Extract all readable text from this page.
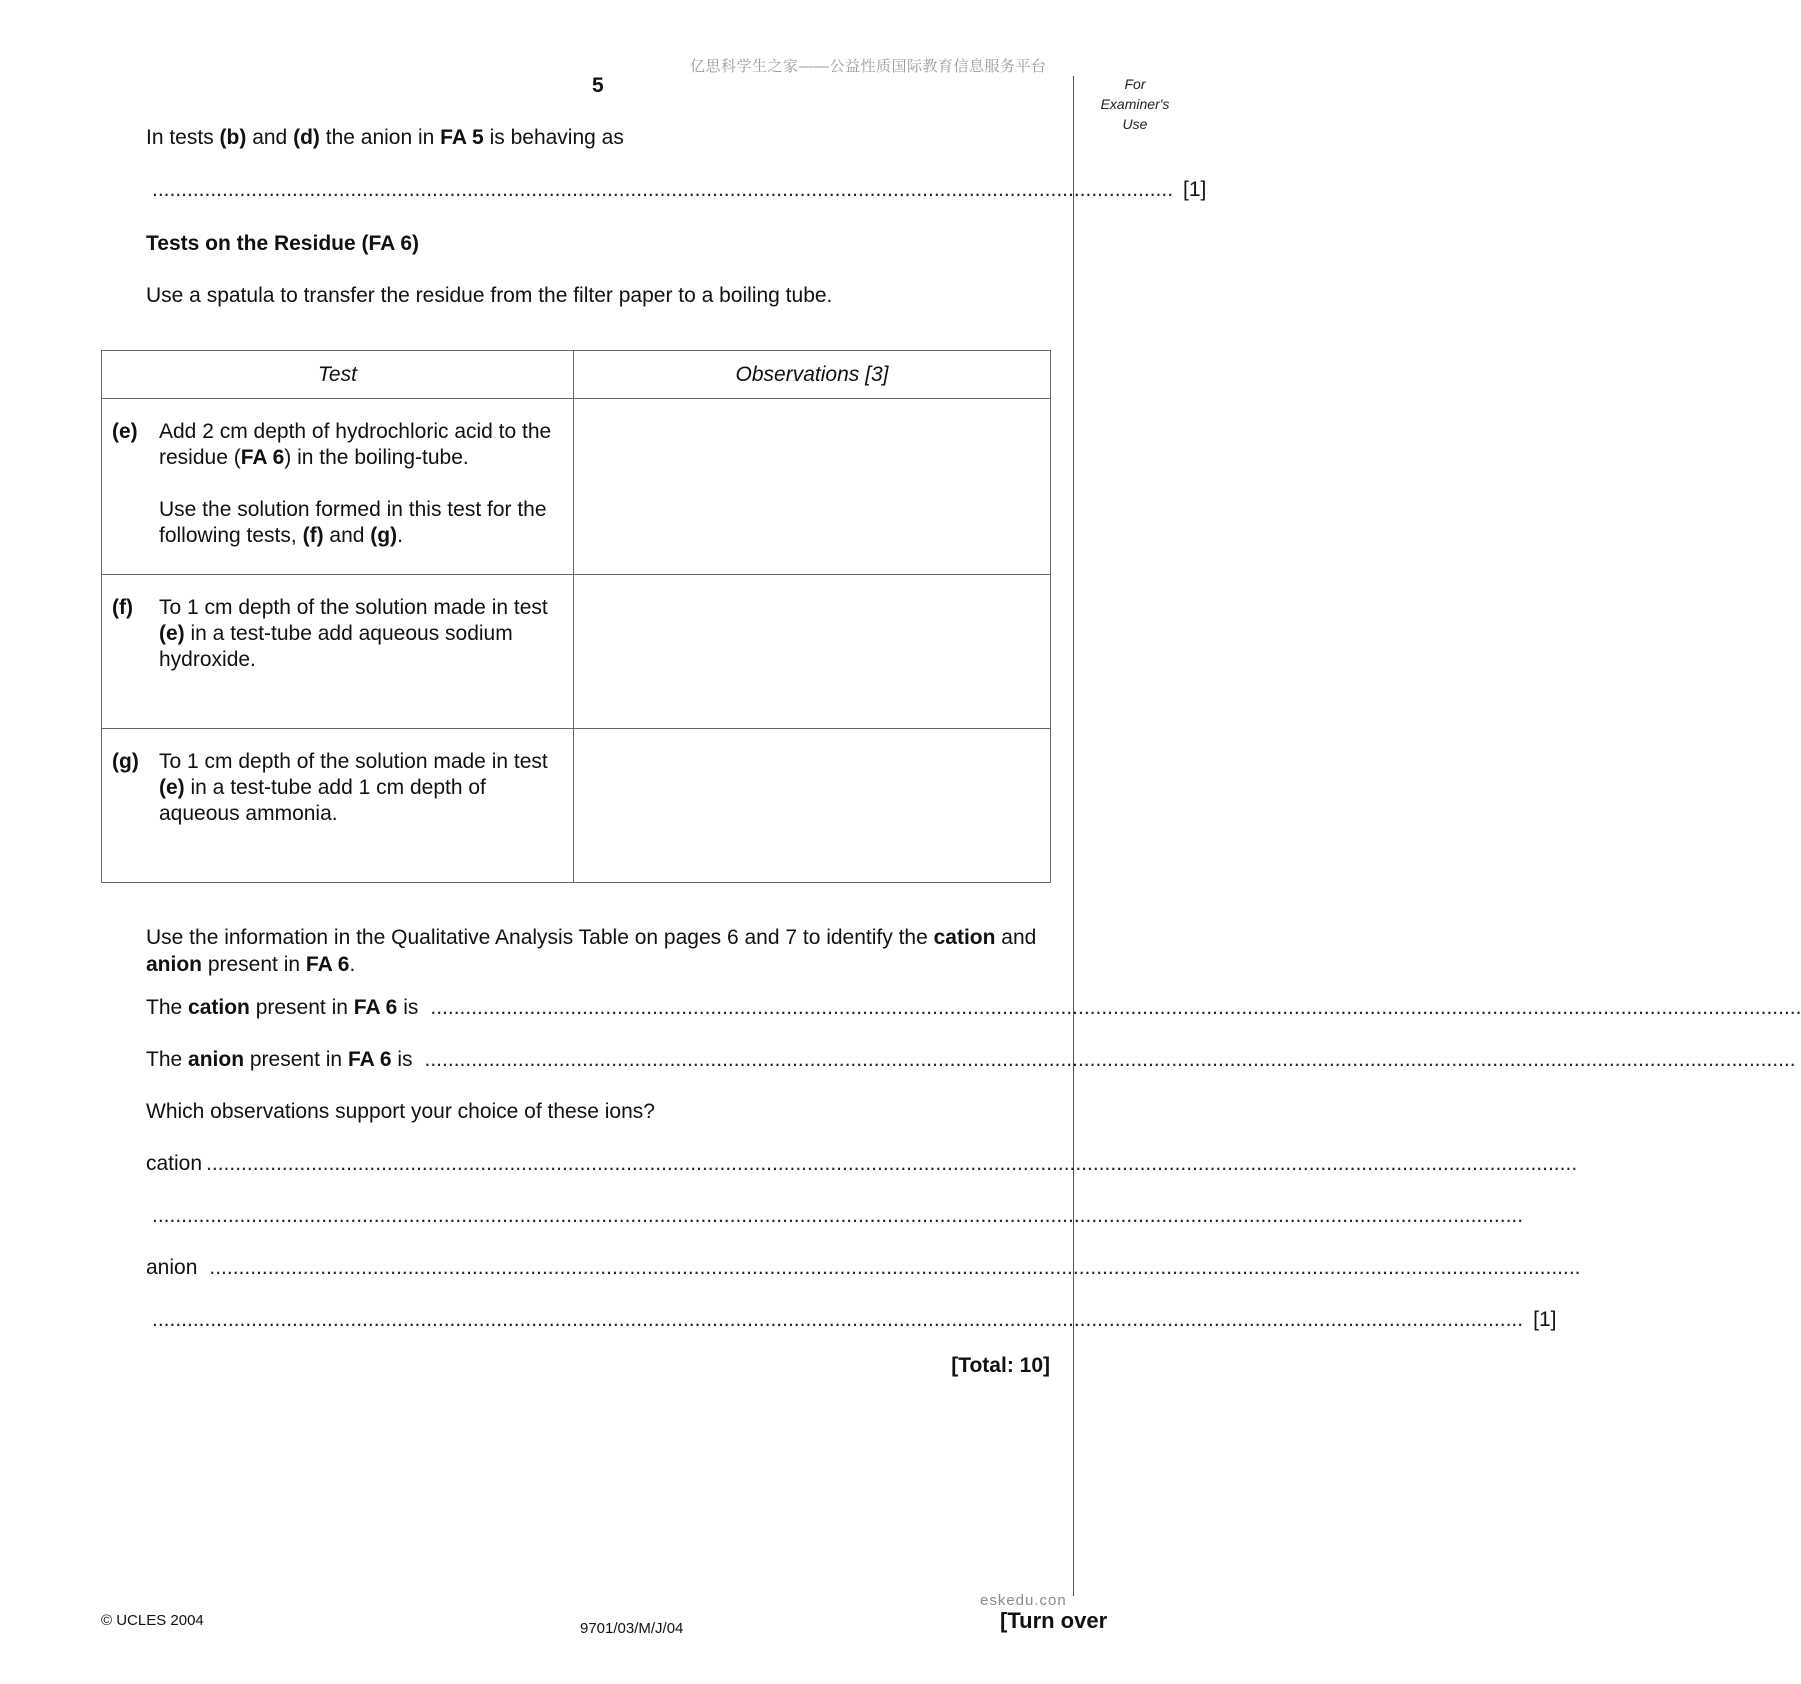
亿思科学生之家——公益性质国际教育信息服务平台
5	For
Examiner's
Use
In tests (b) and (d) the anion in FA 5 is behaving as
............................................................................................................................................................................... [1]
Tests on the Residue (FA 6)
Use a spatula to transfer the residue from the filter paper to a boiling tube.
Test	Observations [3]

(e) Add 2 cm depth of hydrochloric acid to the residue (FA 6) in the boiling-tube.

Use the solution formed in this test for the following tests, (f) and (g).	

(f) To 1 cm depth of the solution made in test (e) in a test-tube add aqueous sodium hydroxide.	

(g) To 1 cm depth of the solution made in test (e) in a test-tube add 1 cm depth of aqueous ammonia.	

Use the information in the Qualitative Analysis Table on pages 6 and 7 to identify the cation and anion present in FA 6.
The cation present in FA 6 is ...........................................................................................................................................................................................................................................
The anion present in FA 6 is ...........................................................................................................................................................................................................................................
Which observations support your choice of these ions?
cation ...........................................................................................................................................................................................................................................
...........................................................................................................................................................................................................................................
anion ...........................................................................................................................................................................................................................................
........................................................................................................................................................................................................................................... [1]
[Total: 10]
© UCLES 2004	9701/03/M/J/04
eskedu.con
[Turn over
